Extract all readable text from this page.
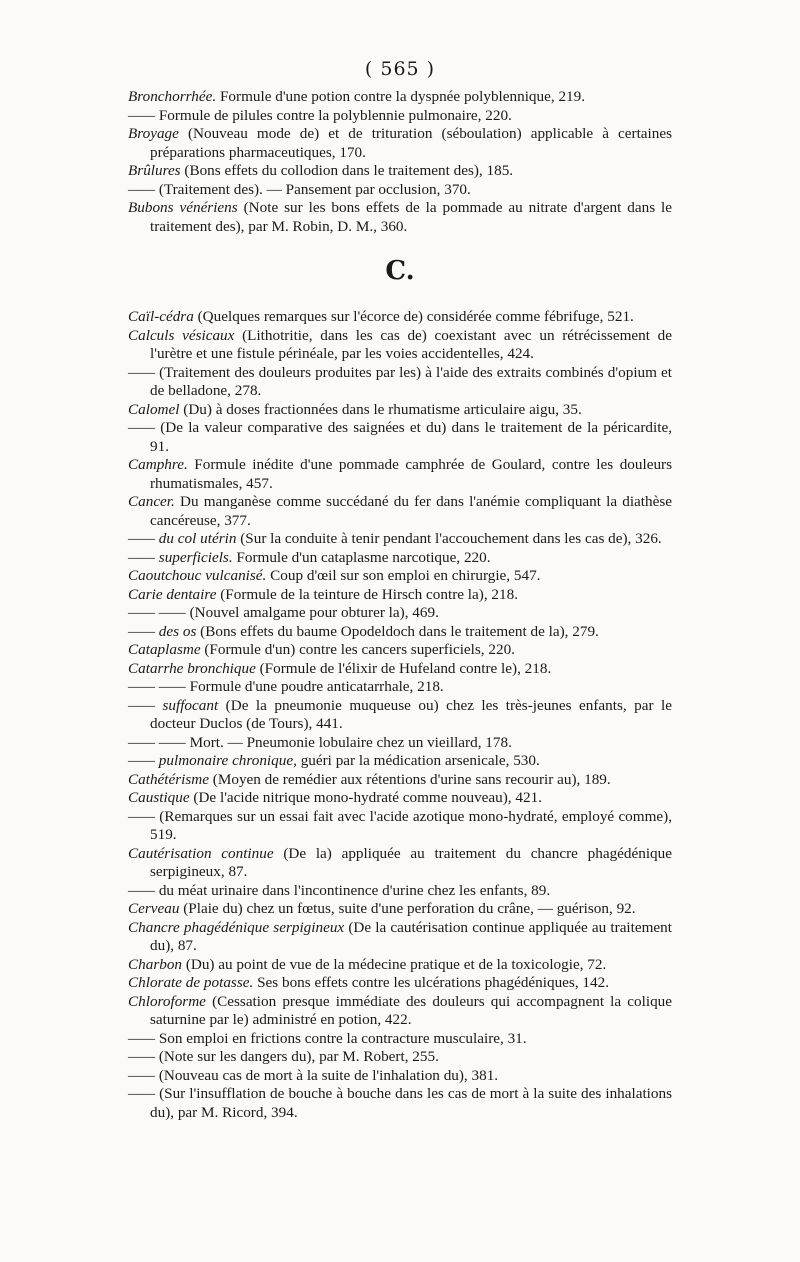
( 565 )

Bronchorrhée. Formule d'une potion contre la dyspnée polyblennique, 219.

—— Formule de pilules contre la polyblennie pulmonaire, 220.

Broyage (Nouveau mode de) et de trituration (séboulation) applicable à certaines préparations pharmaceutiques, 170.

Brûlures (Bons effets du collodion dans le traitement des), 185.

—— (Traitement des). — Pansement par occlusion, 370.

Bubons vénériens (Note sur les bons effets de la pommade au nitrate d'argent dans le traitement des), par M. Robin, D. M., 360.

C.

Caïl-cédra (Quelques remarques sur l'écorce de) considérée comme fébrifuge, 521.

Calculs vésicaux (Lithotritie, dans les cas de) coexistant avec un rétrécissement de l'urètre et une fistule périnéale, par les voies accidentelles, 424.

—— (Traitement des douleurs produites par les) à l'aide des extraits combinés d'opium et de belladone, 278.

Calomel (Du) à doses fractionnées dans le rhumatisme articulaire aigu, 35.

—— (De la valeur comparative des saignées et du) dans le traitement de la péricardite, 91.

Camphre. Formule inédite d'une pommade camphrée de Goulard, contre les douleurs rhumatismales, 457.

Cancer. Du manganèse comme succédané du fer dans l'anémie compliquant la diathèse cancéreuse, 377.

—— du col utérin (Sur la conduite à tenir pendant l'accouchement dans les cas de), 326.

—— superficiels. Formule d'un cataplasme narcotique, 220.

Caoutchouc vulcanisé. Coup d'œil sur son emploi en chirurgie, 547.

Carie dentaire (Formule de la teinture de Hirsch contre la), 218.

—— —— (Nouvel amalgame pour obturer la), 469.

—— des os (Bons effets du baume Opodeldoch dans le traitement de la), 279.

Cataplasme (Formule d'un) contre les cancers superficiels, 220.

Catarrhe bronchique (Formule de l'élixir de Hufeland contre le), 218.

—— —— Formule d'une poudre anticatarrhale, 218.

—— suffocant (De la pneumonie muqueuse ou) chez les très-jeunes enfants, par le docteur Duclos (de Tours), 441.

—— —— Mort. — Pneumonie lobulaire chez un vieillard, 178.

—— pulmonaire chronique, guéri par la médication arsenicale, 530.

Cathétérisme (Moyen de remédier aux rétentions d'urine sans recourir au), 189.

Caustique (De l'acide nitrique mono-hydraté comme nouveau), 421.

—— (Remarques sur un essai fait avec l'acide azotique mono-hydraté, employé comme), 519.

Cautérisation continue (De la) appliquée au traitement du chancre phagédénique serpigineux, 87.

—— du méat urinaire dans l'incontinence d'urine chez les enfants, 89.

Cerveau (Plaie du) chez un fœtus, suite d'une perforation du crâne, — guérison, 92.

Chancre phagédénique serpigineux (De la cautérisation continue appliquée au traitement du), 87.

Charbon (Du) au point de vue de la médecine pratique et de la toxicologie, 72.

Chlorate de potasse. Ses bons effets contre les ulcérations phagédéniques, 142.

Chloroforme (Cessation presque immédiate des douleurs qui accompagnent la colique saturnine par le) administré en potion, 422.

—— Son emploi en frictions contre la contracture musculaire, 31.

—— (Note sur les dangers du), par M. Robert, 255.

—— (Nouveau cas de mort à la suite de l'inhalation du), 381.

—— (Sur l'insufflation de bouche à bouche dans les cas de mort à la suite des inhalations du), par M. Ricord, 394.
